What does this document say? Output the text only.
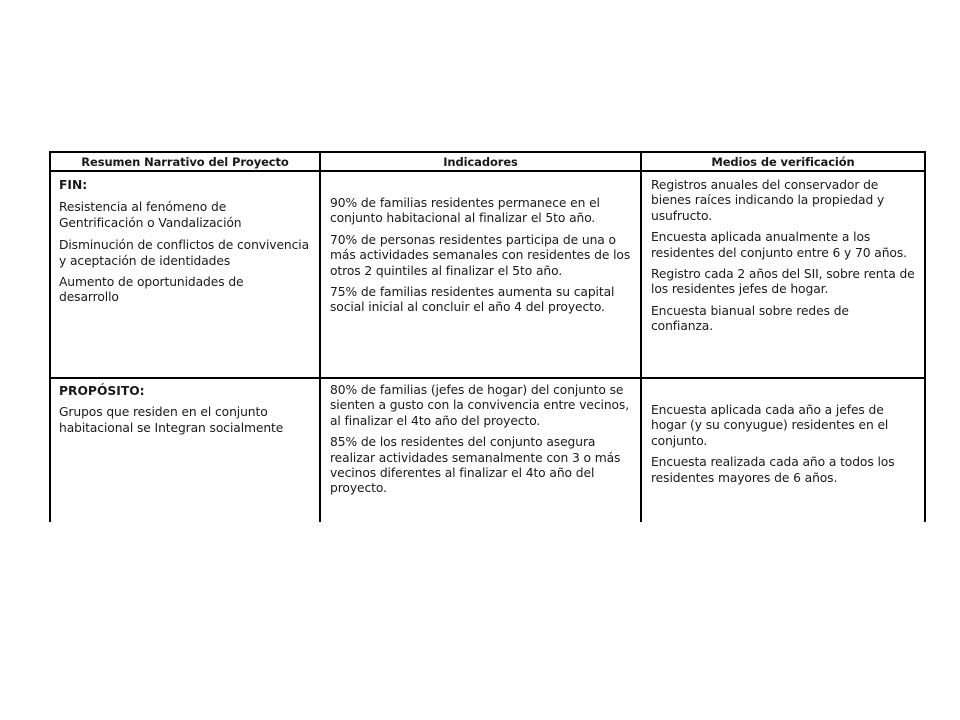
Resumen Narrativo del Proyecto	Indicadores	Medios de verificación

FIN:

Resistencia al fenómeno de Gentrificación o Vandalización

Disminución de conflictos de convivencia y aceptación de identidades

Aumento de oportunidades de desarrollo

90% de familias residentes permanece en el conjunto habitacional al finalizar el 5to año.

70% de personas residentes participa de una o más actividades semanales con residentes de los otros 2 quintiles al finalizar el 5to año.

75% de familias residentes aumenta su capital social inicial al concluir el año 4 del proyecto.

Registros anuales del conservador de bienes raíces indicando la propiedad y usufructo.

Encuesta aplicada anualmente a los residentes del conjunto entre 6 y 70 años.

Registro cada 2 años del SII, sobre renta de los residentes jefes de hogar.

Encuesta bianual sobre redes de confianza.

PROPÓSITO:

Grupos que residen en el conjunto habitacional se Integran socialmente

80% de familias (jefes de hogar) del conjunto se sienten a gusto con la convivencia entre vecinos, al finalizar el 4to año del proyecto.

85% de los residentes del conjunto asegura realizar actividades semanalmente con 3 o más vecinos diferentes al finalizar el 4to año del proyecto.

Encuesta aplicada cada año a jefes de hogar (y su conyugue) residentes en el conjunto.

Encuesta realizada cada año a todos los residentes mayores de 6 años.
